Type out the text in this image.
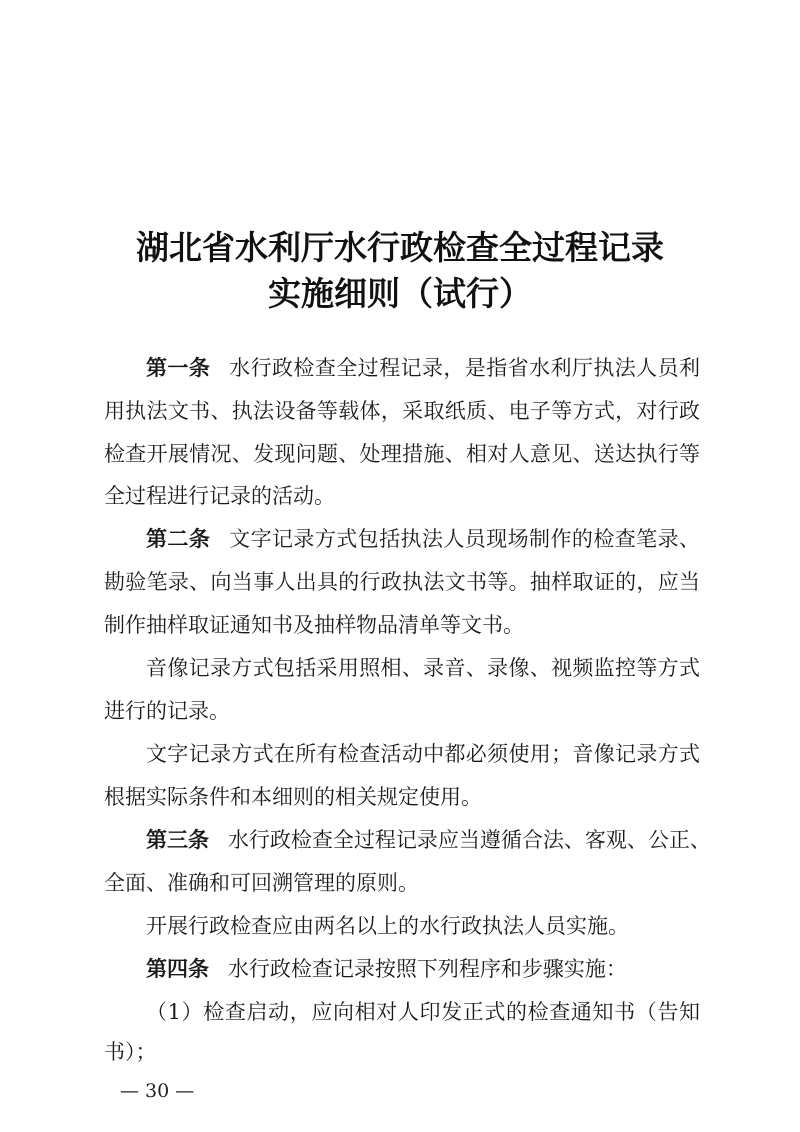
湖北省水利厅水行政检查全过程记录
实施细则（试行）
第一条 水行政检查全过程记录，是指省水利厅执法人员利
用执法文书、执法设备等载体，采取纸质、电子等方式，对行政
检查开展情况、发现问题、处理措施、相对人意见、送达执行等
全过程进行记录的活动。
第二条 文字记录方式包括执法人员现场制作的检查笔录、
勘验笔录、向当事人出具的行政执法文书等。抽样取证的，应当
制作抽样取证通知书及抽样物品清单等文书。
音像记录方式包括采用照相、录音、录像、视频监控等方式
进行的记录。
文字记录方式在所有检查活动中都必须使用；音像记录方式
根据实际条件和本细则的相关规定使用。
第三条 水行政检查全过程记录应当遵循合法、客观、公正、
全面、准确和可回溯管理的原则。
开展行政检查应由两名以上的水行政执法人员实施。
第四条 水行政检查记录按照下列程序和步骤实施：
（1）检查启动，应向相对人印发正式的检查通知书（告知
— 30 —
书）；
